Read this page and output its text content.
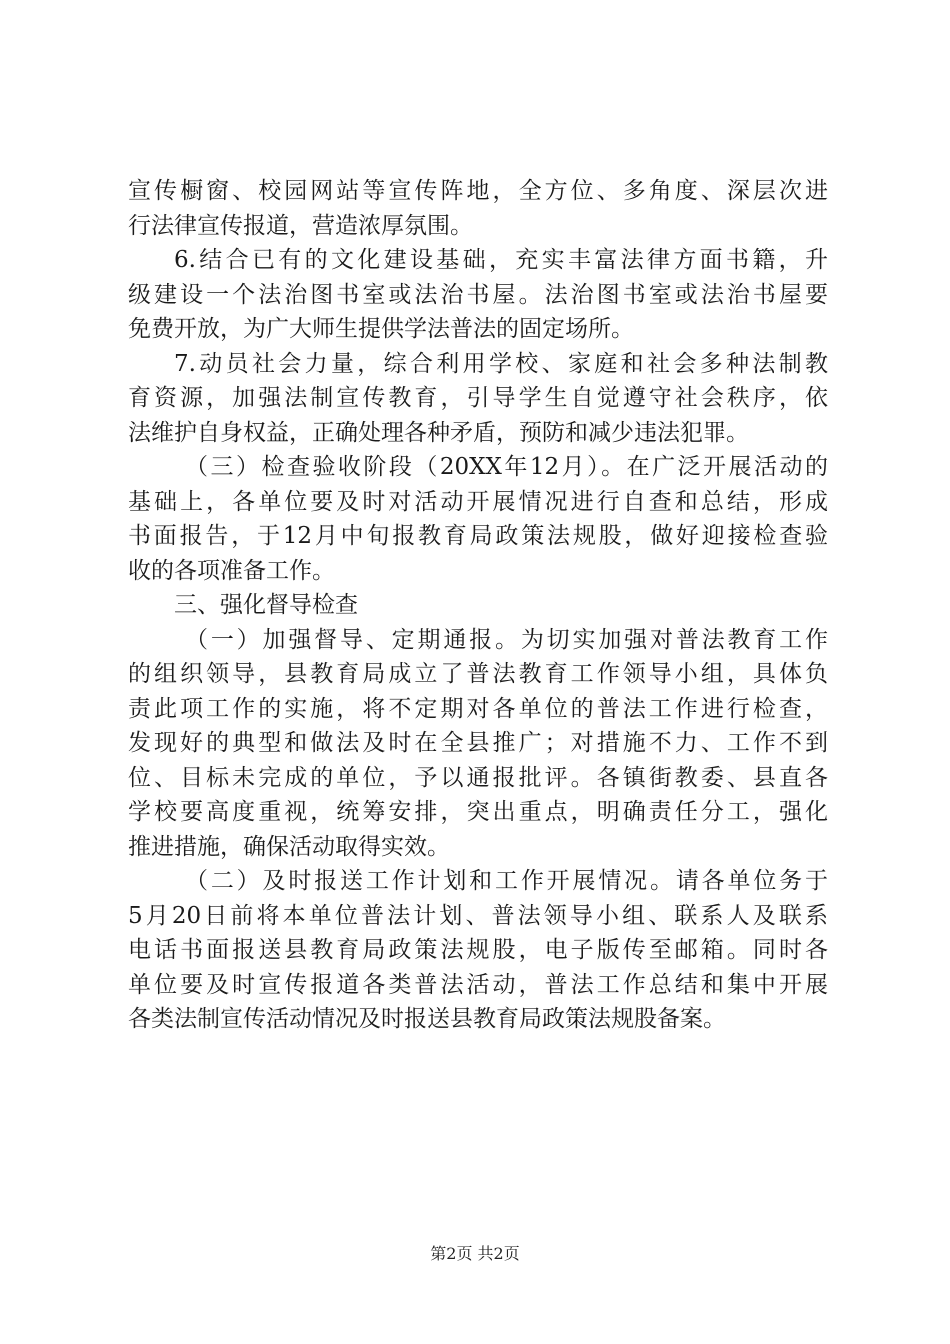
宣传橱窗、校园网站等宣传阵地，全方位、多角度、深层次进
行法律宣传报道，营造浓厚氛围。
6.结合已有的文化建设基础，充实丰富法律方面书籍，升
级建设一个法治图书室或法治书屋。法治图书室或法治书屋要
免费开放，为广大师生提供学法普法的固定场所。
7.动员社会力量，综合利用学校、家庭和社会多种法制教
育资源，加强法制宣传教育，引导学生自觉遵守社会秩序，依
法维护自身权益，正确处理各种矛盾，预防和减少违法犯罪。
（三）检查验收阶段（20XX年12月）。在广泛开展活动的
基础上，各单位要及时对活动开展情况进行自查和总结，形成
书面报告，于12月中旬报教育局政策法规股，做好迎接检查验
收的各项准备工作。
三、强化督导检查
（一）加强督导、定期通报。为切实加强对普法教育工作
的组织领导，县教育局成立了普法教育工作领导小组，具体负
责此项工作的实施，将不定期对各单位的普法工作进行检查，
发现好的典型和做法及时在全县推广；对措施不力、工作不到
位、目标未完成的单位，予以通报批评。各镇街教委、县直各
学校要高度重视，统筹安排，突出重点，明确责任分工，强化
推进措施，确保活动取得实效。
（二）及时报送工作计划和工作开展情况。请各单位务于
5月20日前将本单位普法计划、普法领导小组、联系人及联系
电话书面报送县教育局政策法规股，电子版传至邮箱。同时各
单位要及时宣传报道各类普法活动，普法工作总结和集中开展
各类法制宣传活动情况及时报送县教育局政策法规股备案。
第2页 共2页
